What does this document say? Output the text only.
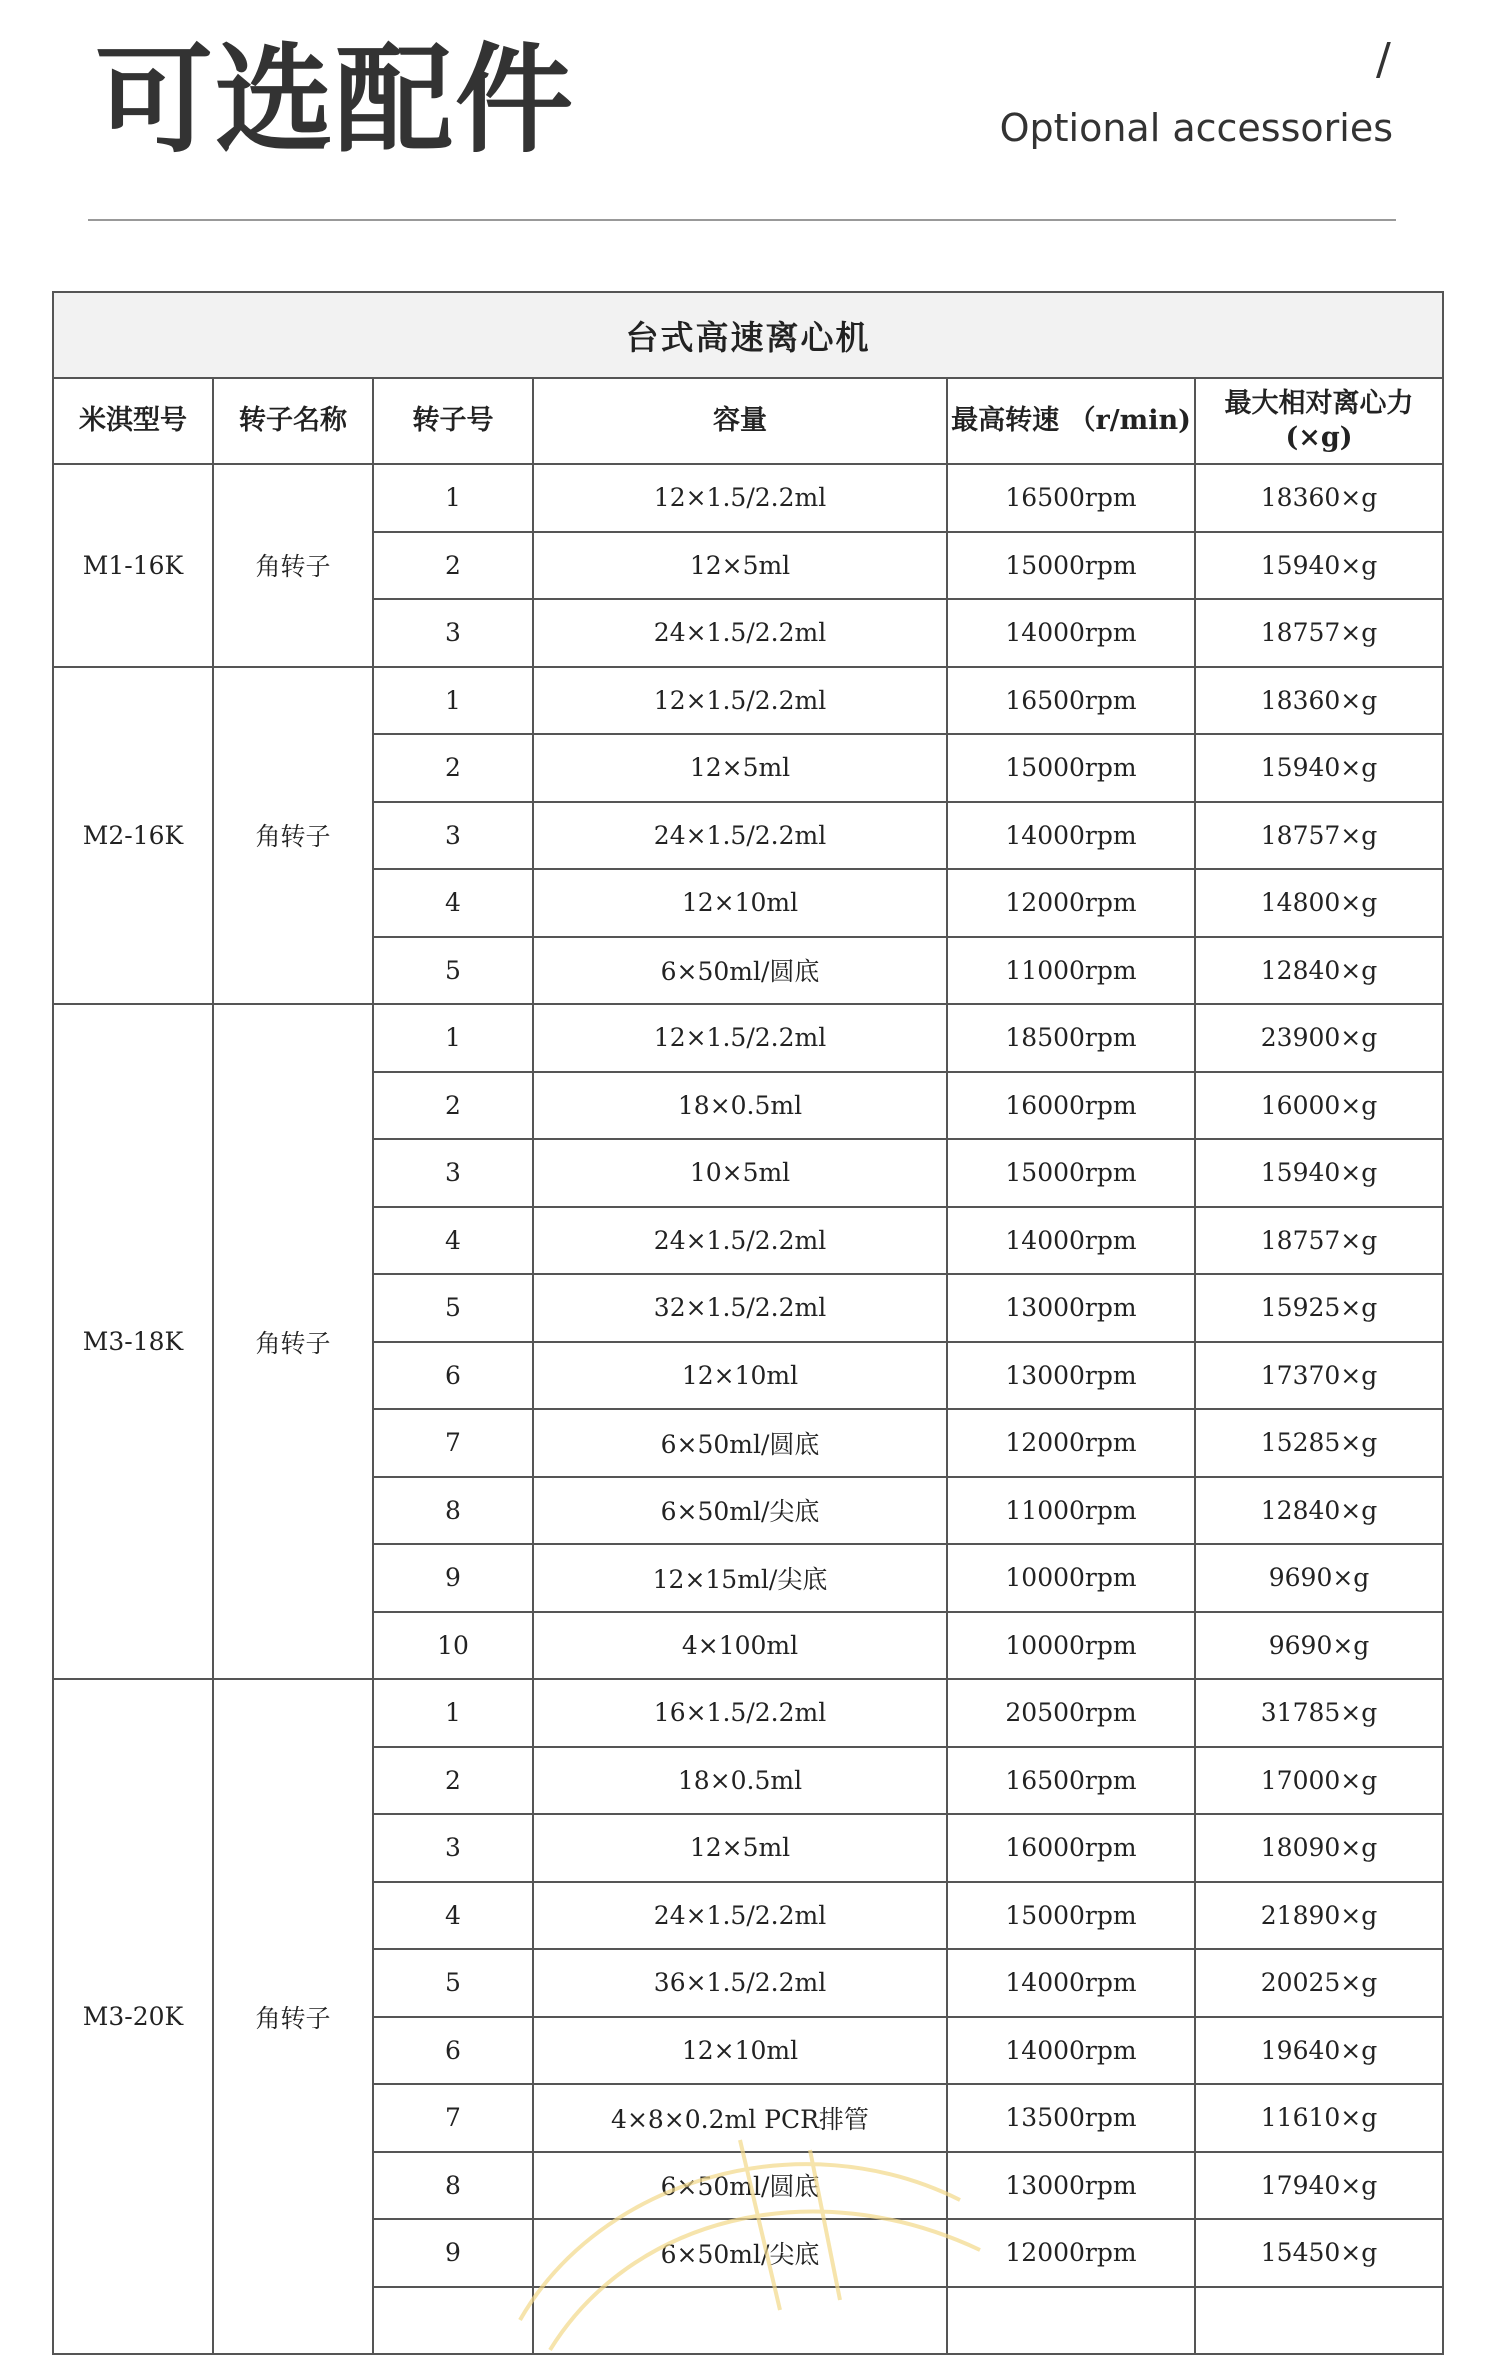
可选配件	/
Optional accessories
台式高速离心机					
米淇型号	转子名称	转子号	容量	最高转速 （r/min)	最大相对离心力(×g)
M1-16K	角转子	1	12×1.5/2.2ml	16500rpm	18360×g
		2	12×5ml	15000rpm	15940×g
		3	24×1.5/2.2ml	14000rpm	18757×g
M2-16K	角转子	1	12×1.5/2.2ml	16500rpm	18360×g
		2	12×5ml	15000rpm	15940×g
		3	24×1.5/2.2ml	14000rpm	18757×g
		4	12×10ml	12000rpm	14800×g
		5	6×50ml/圆底	11000rpm	12840×g
M3-18K	角转子	1	12×1.5/2.2ml	18500rpm	23900×g
		2	18×0.5ml	16000rpm	16000×g
		3	10×5ml	15000rpm	15940×g
		4	24×1.5/2.2ml	14000rpm	18757×g
		5	32×1.5/2.2ml	13000rpm	15925×g
		6	12×10ml	13000rpm	17370×g
		7	6×50ml/圆底	12000rpm	15285×g
		8	6×50ml/尖底	11000rpm	12840×g
		9	12×15ml/尖底	10000rpm	9690×g
		10	4×100ml	10000rpm	9690×g
M3-20K	角转子	1	16×1.5/2.2ml	20500rpm	31785×g
		2	18×0.5ml	16500rpm	17000×g
		3	12×5ml	16000rpm	18090×g
		4	24×1.5/2.2ml	15000rpm	21890×g
		5	36×1.5/2.2ml	14000rpm	20025×g
		6	12×10ml	14000rpm	19640×g
		7	4×8×0.2ml PCR排管	13500rpm	11610×g
		8	6×50ml/圆底	13000rpm	17940×g
		9	6×50ml/尖底	12000rpm	15450×g
